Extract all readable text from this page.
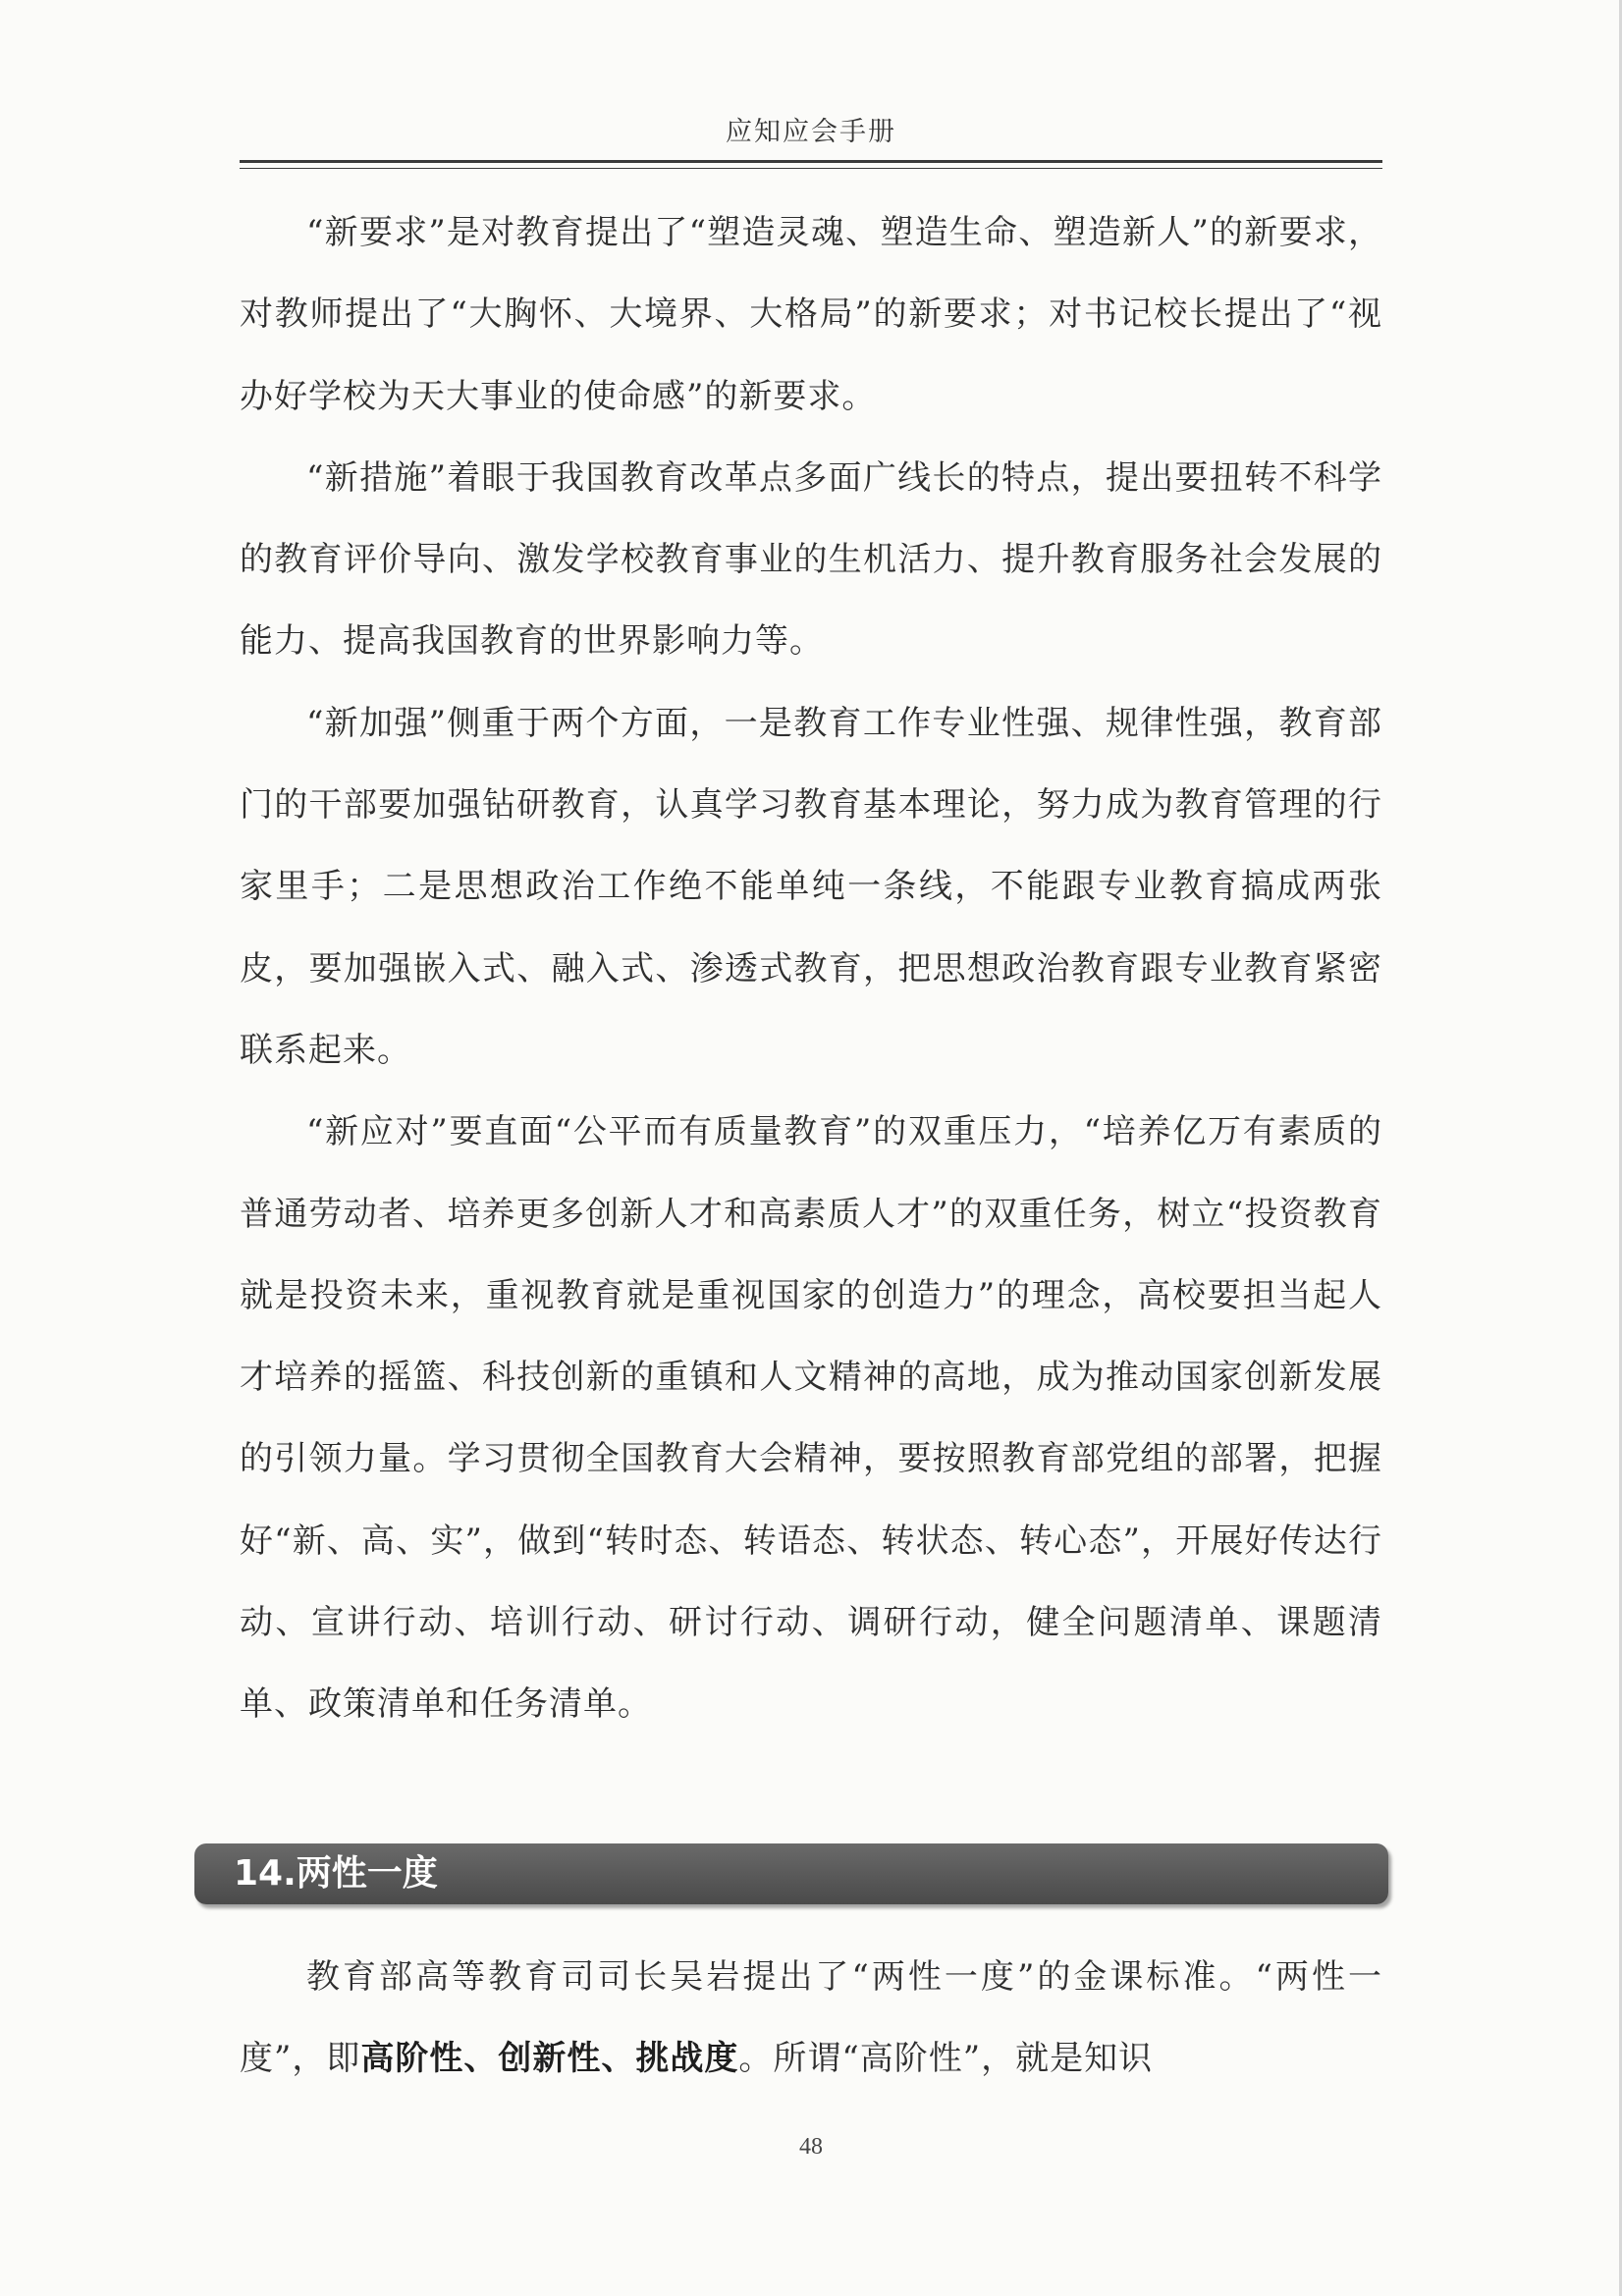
应知应会手册

“新要求”是对教育提出了“塑造灵魂、塑造生命、塑造新人”的新要求，对教师提出了“大胸怀、大境界、大格局”的新要求；对书记校长提出了“视办好学校为天大事业的使命感”的新要求。

“新措施”着眼于我国教育改革点多面广线长的特点，提出要扭转不科学的教育评价导向、激发学校教育事业的生机活力、提升教育服务社会发展的能力、提高我国教育的世界影响力等。

“新加强”侧重于两个方面，一是教育工作专业性强、规律性强，教育部门的干部要加强钻研教育，认真学习教育基本理论，努力成为教育管理的行家里手；二是思想政治工作绝不能单纯一条线，不能跟专业教育搞成两张皮，要加强嵌入式、融入式、渗透式教育，把思想政治教育跟专业教育紧密联系起来。

“新应对”要直面“公平而有质量教育”的双重压力，“培养亿万有素质的普通劳动者、培养更多创新人才和高素质人才”的双重任务，树立“投资教育就是投资未来，重视教育就是重视国家的创造力”的理念，高校要担当起人才培养的摇篮、科技创新的重镇和人文精神的高地，成为推动国家创新发展的引领力量。学习贯彻全国教育大会精神，要按照教育部党组的部署，把握好“新、高、实”，做到“转时态、转语态、转状态、转心态”，开展好传达行动、宣讲行动、培训行动、研讨行动、调研行动，健全问题清单、课题清单、政策清单和任务清单。

14.两性一度

教育部高等教育司司长吴岩提出了“两性一度”的金课标准。“两性一度”，即高阶性、创新性、挑战度。所谓“高阶性”，就是知识

48
